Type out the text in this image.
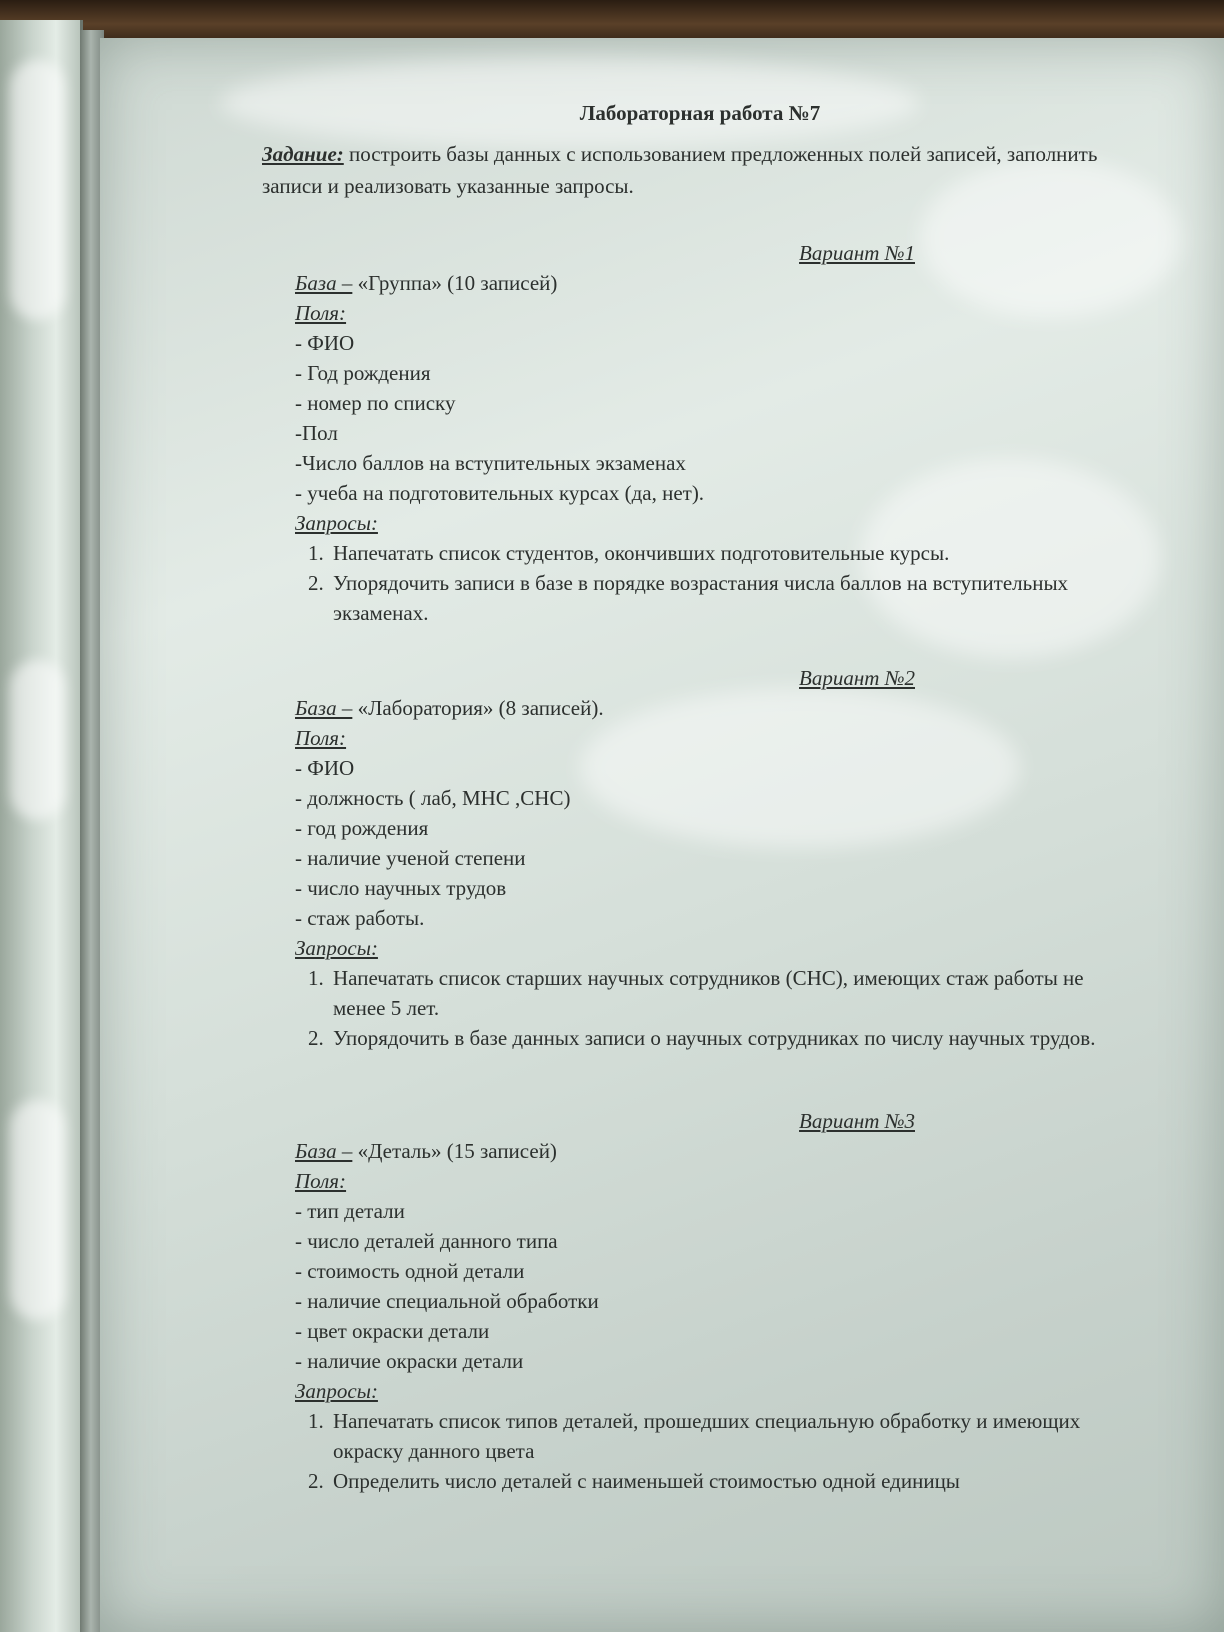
Лабораторная работа №7
Задание: построить базы данных с использованием предложенных полей записей, заполнить записи и реализовать указанные запросы.
Вариант №1
База – «Группа» (10 записей)
Поля:
- ФИО
- Год рождения
- номер по списку
-Пол
-Число баллов на вступительных экзаменах
- учеба на подготовительных курсах (да, нет).
Запросы:
1. Напечатать список студентов, окончивших подготовительные курсы.
2. Упорядочить записи в базе в порядке возрастания числа баллов на вступительных экзаменах.
Вариант №2
База – «Лаборатория» (8 записей).
Поля:
- ФИО
- должность ( лаб, МНС ,СНС)
- год рождения
- наличие ученой степени
- число научных трудов
- стаж работы.
Запросы:
1. Напечатать список старших научных сотрудников (СНС), имеющих стаж работы не менее 5 лет.
2. Упорядочить в базе данных записи о научных сотрудниках по числу научных трудов.
Вариант №3
База – «Деталь» (15 записей)
Поля:
- тип детали
- число деталей данного типа
- стоимость одной детали
- наличие специальной обработки
- цвет окраски детали
- наличие окраски детали
Запросы:
1. Напечатать список типов деталей, прошедших специальную обработку и имеющих окраску данного цвета
2. Определить число деталей с наименьшей стоимостью одной единицы
